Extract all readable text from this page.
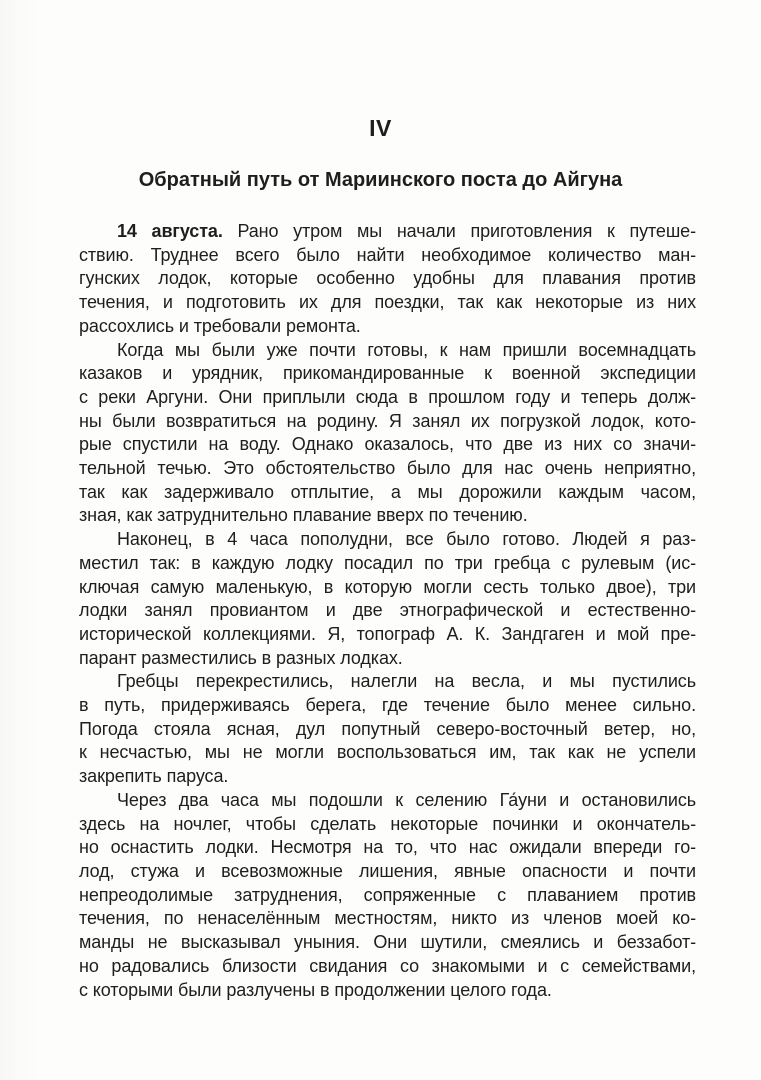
IV
Обратный путь от Мариинского поста до Айгуна
14 августа. Рано утром мы начали приготовления к путеше-
ствию. Труднее всего было найти необходимое количество ман-
гунских лодок, которые особенно удобны для плавания против
течения, и подготовить их для поездки, так как некоторые из них
рассохлись и требовали ремонта.
Когда мы были уже почти готовы, к нам пришли восемнадцать
казаков и урядник, прикомандированные к военной экспедиции
с реки Аргуни. Они приплыли сюда в прошлом году и теперь долж-
ны были возвратиться на родину. Я занял их погрузкой лодок, кото-
рые спустили на воду. Однако оказалось, что две из них со значи-
тельной течью. Это обстоятельство было для нас очень неприятно,
так как задерживало отплытие, а мы дорожили каждым часом,
зная, как затруднительно плавание вверх по течению.
Наконец, в 4 часа пополудни, все было готово. Людей я раз-
местил так: в каждую лодку посадил по три гребца с рулевым (ис-
ключая самую маленькую, в которую могли сесть только двое), три
лодки занял провиантом и две этнографической и естественно-
исторической коллекциями. Я, топограф А. К. Зандгаген и мой пре-
парант разместились в разных лодках.
Гребцы перекрестились, налегли на весла, и мы пустились
в путь, придерживаясь берега, где течение было менее сильно.
Погода стояла ясная, дул попутный северо-восточный ветер, но,
к несчастью, мы не могли воспользоваться им, так как не успели
закрепить паруса.
Через два часа мы подошли к селению Га́уни и остановились
здесь на ночлег, чтобы сделать некоторые починки и окончатель-
но оснастить лодки. Несмотря на то, что нас ожидали впереди го-
лод, стужа и всевозможные лишения, явные опасности и почти
непреодолимые затруднения, сопряженные с плаванием против
течения, по ненаселённым местностям, никто из членов моей ко-
манды не высказывал уныния. Они шутили, смеялись и беззабот-
но радовались близости свидания со знакомыми и с семействами,
с которыми были разлучены в продолжении целого года.
